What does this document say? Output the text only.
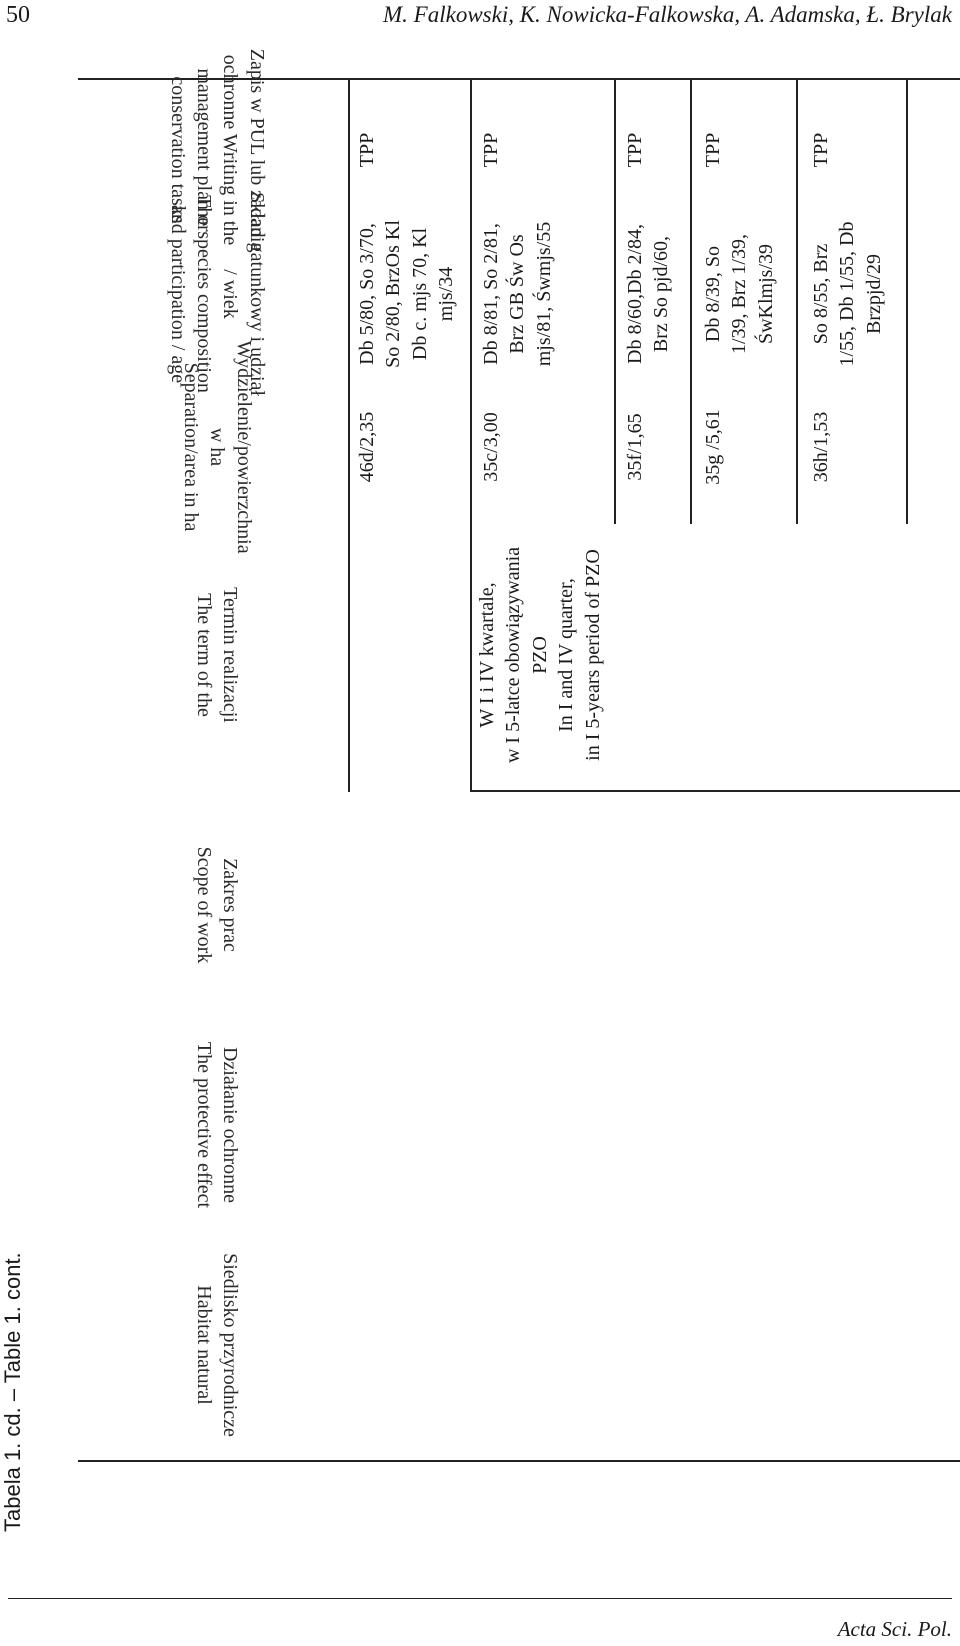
50	M. Falkowski, K. Nowicka-Falkowska, A. Adamska, Ł. Brylak
Tabela 1. cd. – Table 1. cont.	Siedlisko przyrodnicze
Habitat natural
Działanie ochronne
The protective effect
Zakres prac
Scope of work
Termin realizacji
The term of the
Wydzielenie/powierzchnia
w ha
Separation/area in ha
Skład gatunkowy i udział
/ wiek
The species composition
and participation / age
Zapis w PUL lub zadania
ochronne Writing in the
management plan or
conservation tasks
W I i IV kwartale, w I 5-latce obowiązywania PZO In I and IV quarter, in I 5-years period of PZO
46d/2,35
Db 5/80, So 3/70, So 2/80, BrzOs Kl Db c. mjs 70, Kl mjs/34
TPP
35c/3,00
Db 8/81, So 2/81, Brz GB Św Os mjs/81, Śwmjs/55
TPP
35f/1,65
Db 8/60,Db 2/84, Brz So pjd/60,
TPP
35g /5,61
Db 8/39, So 1/39, Brz 1/39, ŚwKlmjs/39
TPP
36h/1,53
So 8/55, Brz 1/55, Db 1/55, Db Brzpjd/29
TPP
Acta Sci. Pol.
